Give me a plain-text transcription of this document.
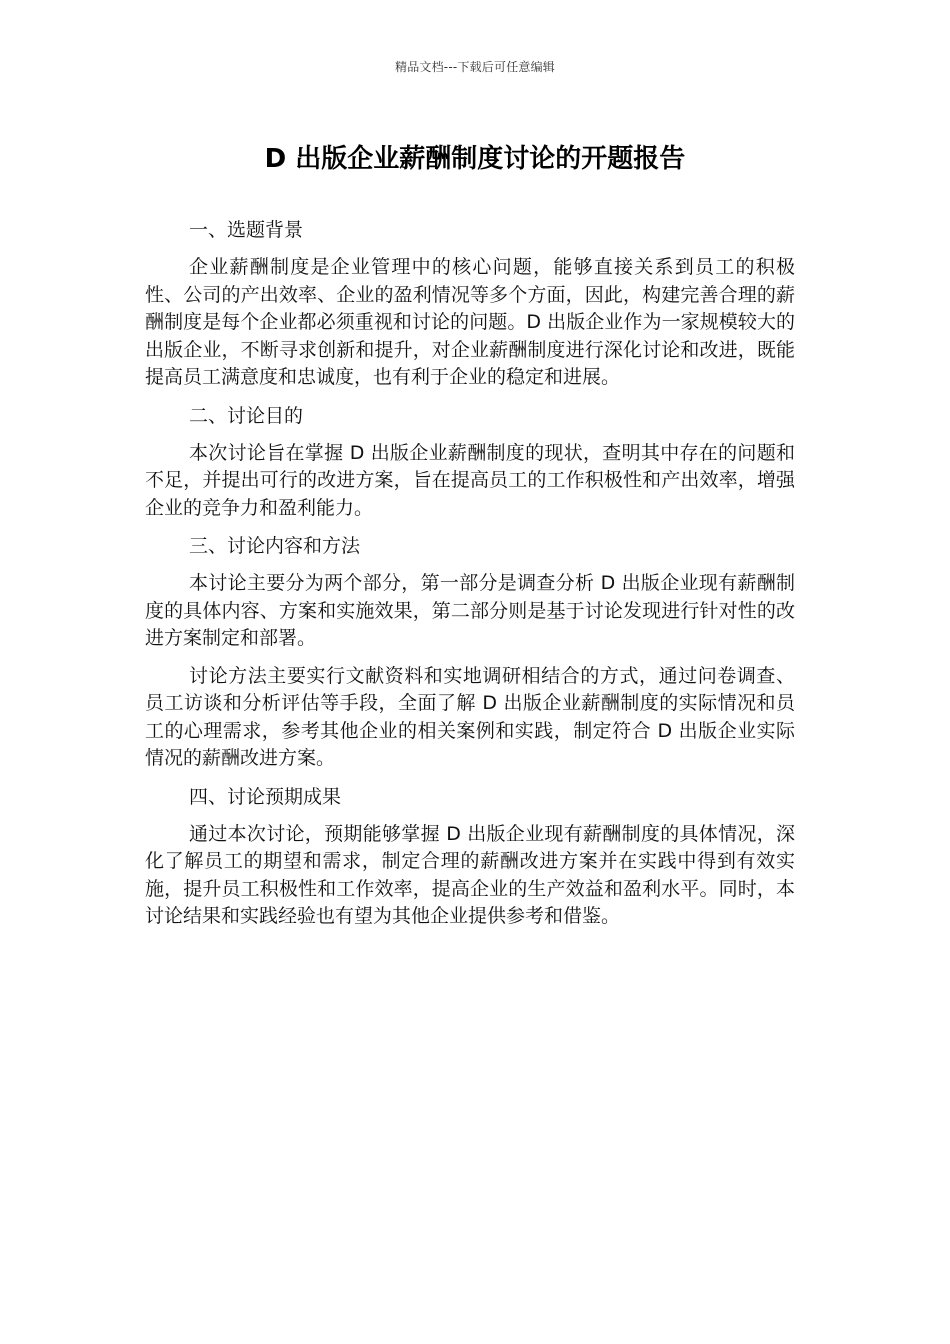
精品文档---下载后可任意编辑
D 出版企业薪酬制度讨论的开题报告

一、选题背景

企业薪酬制度是企业管理中的核心问题，能够直接关系到员工的积极性、公司的产出效率、企业的盈利情况等多个方面，因此，构建完善合理的薪酬制度是每个企业都必须重视和讨论的问题。D 出版企业作为一家规模较大的出版企业，不断寻求创新和提升，对企业薪酬制度进行深化讨论和改进，既能提高员工满意度和忠诚度，也有利于企业的稳定和进展。

二、讨论目的

本次讨论旨在掌握 D 出版企业薪酬制度的现状，查明其中存在的问题和不足，并提出可行的改进方案，旨在提高员工的工作积极性和产出效率，增强企业的竞争力和盈利能力。

三、讨论内容和方法

本讨论主要分为两个部分，第一部分是调查分析 D 出版企业现有薪酬制度的具体内容、方案和实施效果，第二部分则是基于讨论发现进行针对性的改进方案制定和部署。

讨论方法主要实行文献资料和实地调研相结合的方式，通过问卷调查、员工访谈和分析评估等手段，全面了解 D 出版企业薪酬制度的实际情况和员工的心理需求，参考其他企业的相关案例和实践，制定符合 D 出版企业实际情况的薪酬改进方案。

四、讨论预期成果

通过本次讨论，预期能够掌握 D 出版企业现有薪酬制度的具体情况，深化了解员工的期望和需求，制定合理的薪酬改进方案并在实践中得到有效实施，提升员工积极性和工作效率，提高企业的生产效益和盈利水平。同时，本讨论结果和实践经验也有望为其他企业提供参考和借鉴。
